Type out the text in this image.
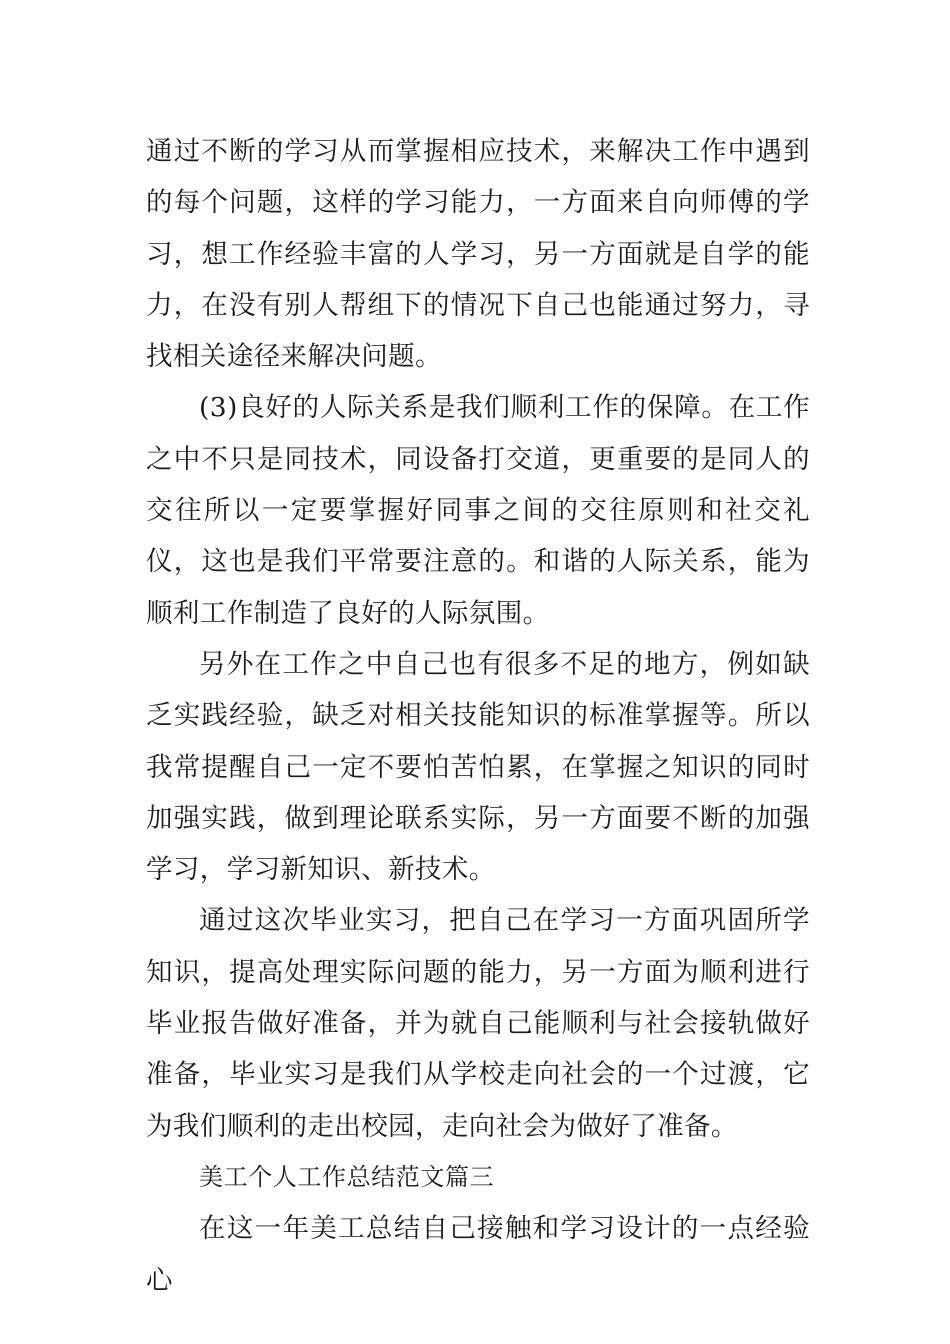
通过不断的学习从而掌握相应技术，来解决工作中遇到的每个问题，这样的学习能力，一方面来自向师傅的学习，想工作经验丰富的人学习，另一方面就是自学的能力，在没有别人帮组下的情况下自己也能通过努力，寻找相关途径来解决问题。

(3)良好的人际关系是我们顺利工作的保障。在工作之中不只是同技术，同设备打交道，更重要的是同人的交往所以一定要掌握好同事之间的交往原则和社交礼仪，这也是我们平常要注意的。和谐的人际关系，能为顺利工作制造了良好的人际氛围。

另外在工作之中自己也有很多不足的地方，例如缺乏实践经验，缺乏对相关技能知识的标准掌握等。所以我常提醒自己一定不要怕苦怕累，在掌握之知识的同时加强实践，做到理论联系实际，另一方面要不断的加强学习，学习新知识、新技术。

通过这次毕业实习，把自己在学习一方面巩固所学知识，提高处理实际问题的能力，另一方面为顺利进行毕业报告做好准备，并为就自己能顺利与社会接轨做好准备，毕业实习是我们从学校走向社会的一个过渡，它为我们顺利的走出校园，走向社会为做好了准备。

美工个人工作总结范文篇三

在这一年美工总结自己接触和学习设计的一点经验心
